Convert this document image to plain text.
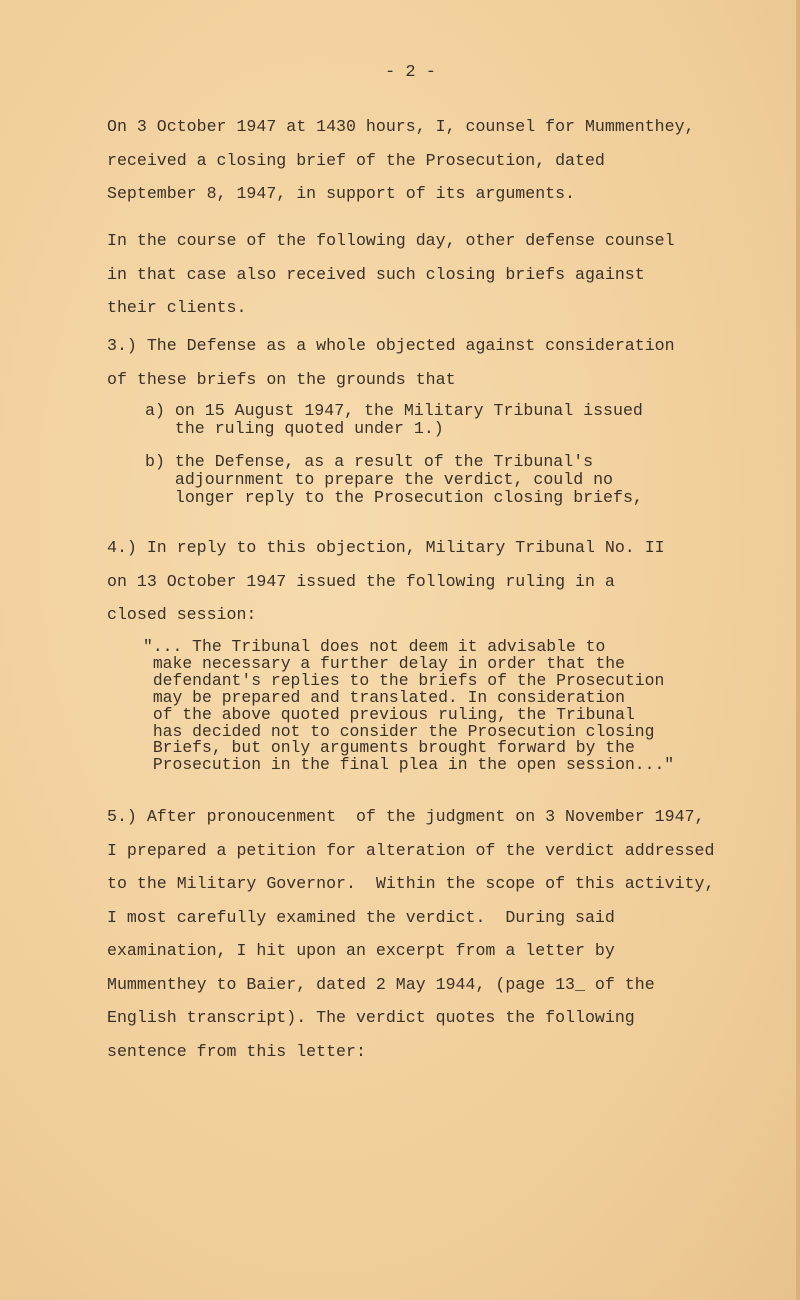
- 2 -
On 3 October 1947 at 1430 hours, I, counsel for Mummenthey,
received a closing brief of the Prosecution, dated
September 8, 1947, in support of its arguments.
In the course of the following day, other defense counsel
in that case also received such closing briefs against
their clients.
3.) The Defense as a whole objected against consideration
of these briefs on the grounds that
a) on 15 August 1947, the Military Tribunal issued
the ruling quoted under 1.)
b) the Defense, as a result of the Tribunal's
adjournment to prepare the verdict, could no
longer reply to the Prosecution closing briefs,
4.) In reply to this objection, Military Tribunal No. II
on 13 October 1947 issued the following ruling in a
closed session:
"... The Tribunal does not deem it advisable to
make necessary a further delay in order that the
defendant's replies to the briefs of the Prosecution
may be prepared and translated. In consideration
of the above quoted previous ruling, the Tribunal
has decided not to consider the Prosecution closing
Briefs, but only arguments brought forward by the
Prosecution in the final plea in the open session..."
5.) After pronoucenment  of the judgment on 3 November 1947,
I prepared a petition for alteration of the verdict addressed
to the Military Governor.  Within the scope of this activity,
I most carefully examined the verdict.  During said
examination, I hit upon an excerpt from a letter by
Mummenthey to Baier, dated 2 May 1944, (page 13_ of the
English transcript). The verdict quotes the following
sentence from this letter:
